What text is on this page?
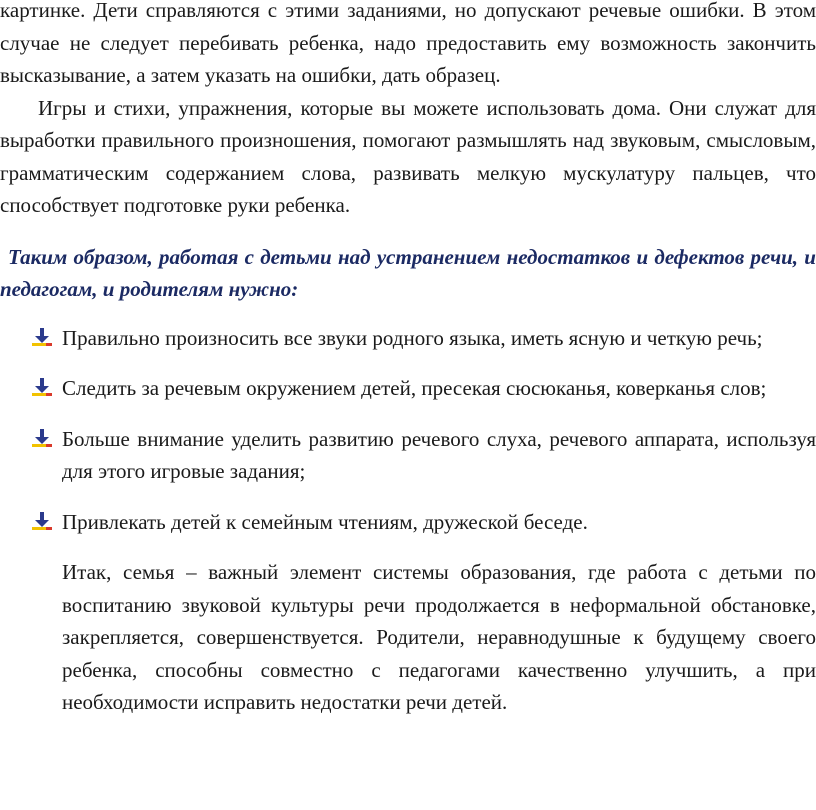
картинке. Дети справляются с этими заданиями, но допускают речевые ошибки. В этом случае не следует перебивать ребенка, надо предоставить ему возможность закончить высказывание, а затем указать на ошибки, дать образец.

Игры и стихи, упражнения, которые вы можете использовать дома. Они служат для выработки правильного произношения, помогают размышлять над звуковым, смысловым, грамматическим содержанием слова, развивать мелкую мускулатуру пальцев, что способствует подготовке руки ребенка.

Таким образом, работая с детьми над устранением недостатков и дефектов речи, и педагогам, и родителям нужно:

Правильно произносить все звуки родного языка, иметь ясную и четкую речь;
Следить за речевым окружением детей, пресекая сюсюканья, коверканья слов;
Больше внимание уделить развитию речевого слуха, речевого аппарата, используя для этого игровые задания;
Привлекать детей к семейным чтениям, дружеской беседе.

Итак, семья – важный элемент системы образования, где работа с детьми по воспитанию звуковой культуры речи продолжается в неформальной обстановке, закрепляется, совершенствуется. Родители, неравнодушные к будущему своего ребенка, способны совместно с педагогами качественно улучшить, а при необходимости исправить недостатки речи детей.
